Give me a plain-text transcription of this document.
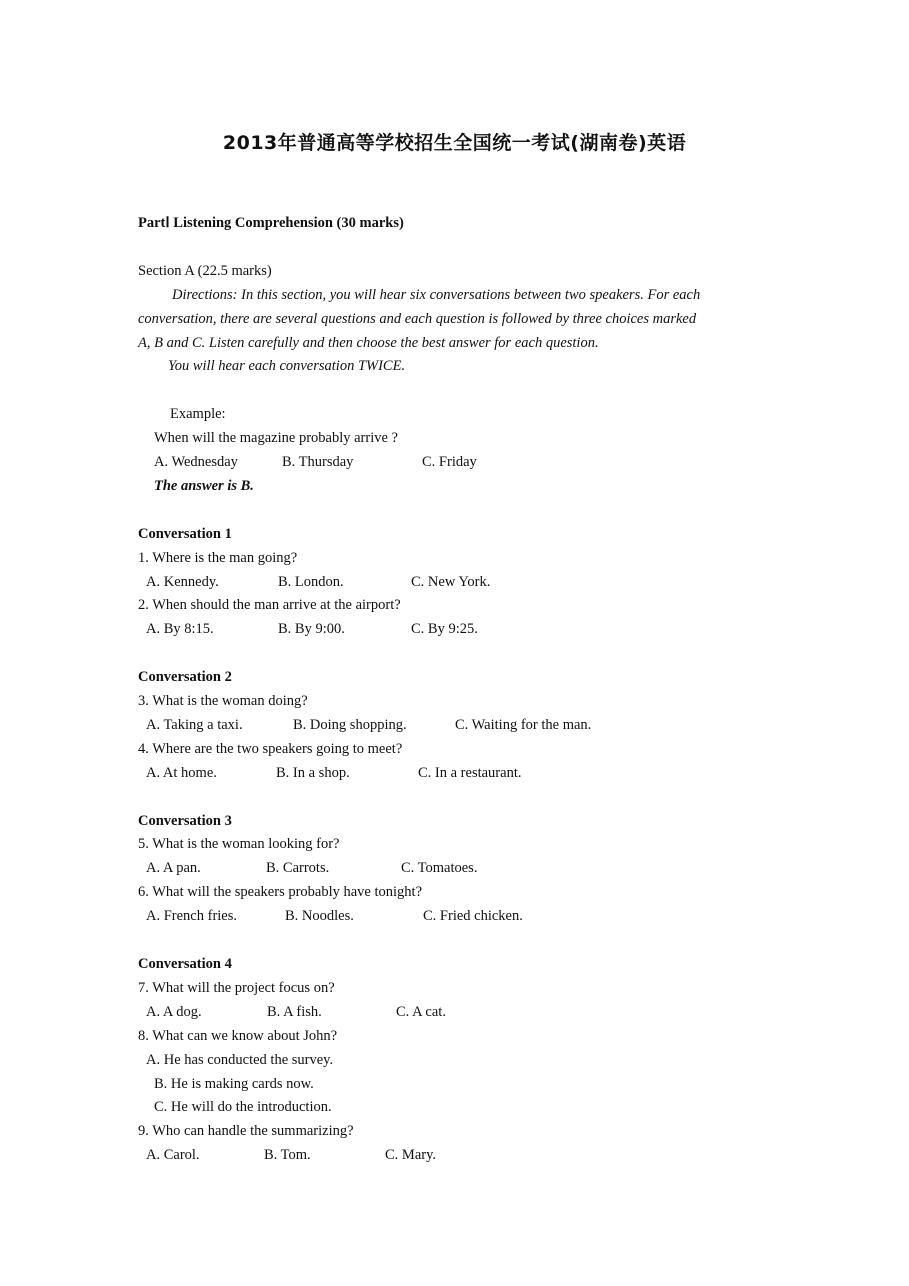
2013年普通高等学校招生全国统一考试(湖南卷)英语
PartⅠ Listening Comprehension (30 marks)
Section A (22.5 marks)
Directions: In this section, you will hear six conversations between two speakers. For each
conversation, there are several questions and each question is followed by three choices marked
A, B and C. Listen carefully and then choose the best answer for each question.
You will hear each conversation TWICE.
Example:
When will the magazine probably arrive ?
A. Wednesday	B. Thursday	C. Friday
The answer is B.
Conversation 1
1. Where is the man going?
A. Kennedy.	B. London.	C. New York.
2. When should the man arrive at the airport?
A. By 8:15.	B. By 9:00.	C. By 9:25.
Conversation 2
3. What is the woman doing?
A. Taking a taxi.	B. Doing shopping.	C. Waiting for the man.
4. Where are the two speakers going to meet?
A. At home.	B. In a shop.	C. In a restaurant.
Conversation 3
5. What is the woman looking for?
A. A pan.	B. Carrots.	C. Tomatoes.
6. What will the speakers probably have tonight?
A. French fries.	B. Noodles.	C. Fried chicken.
Conversation 4
7. What will the project focus on?
A. A dog.	B. A fish.	C. A cat.
8. What can we know about John?
A. He has conducted the survey.
B. He is making cards now.
C. He will do the introduction.
9. Who can handle the summarizing?
A. Carol.	B. Tom.	C. Mary.
